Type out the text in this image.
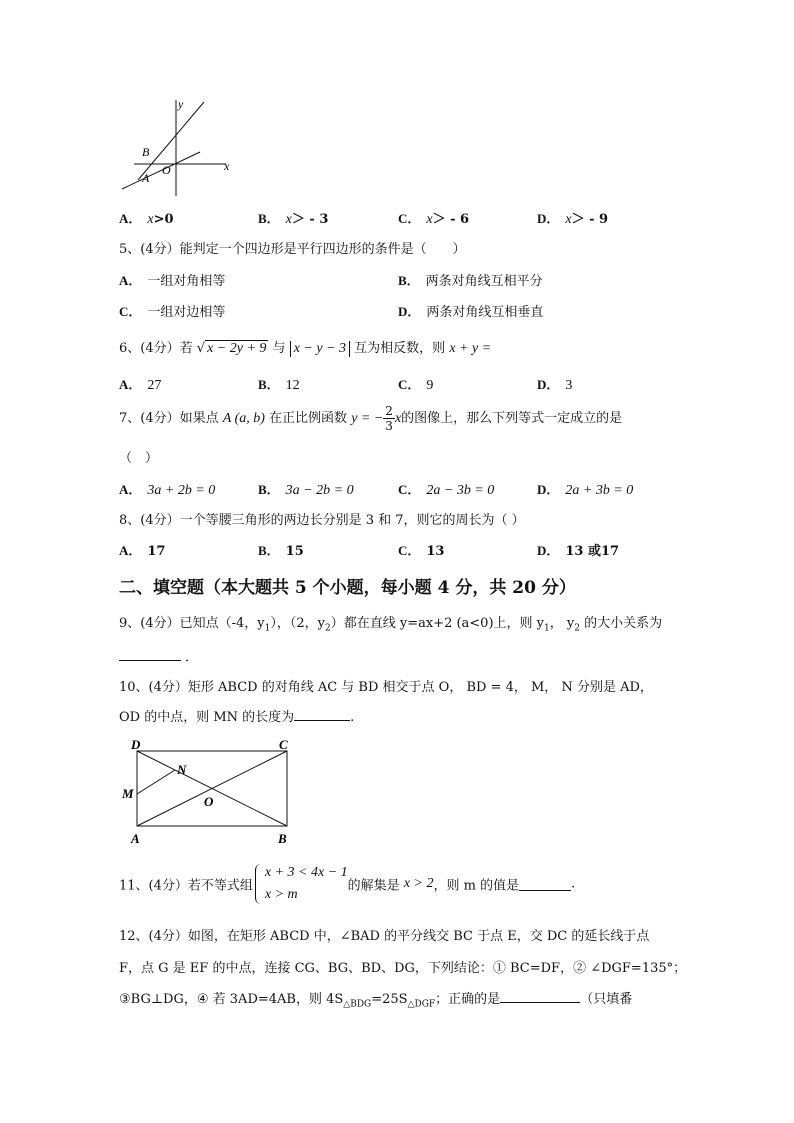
y
x
B
A
O
A． x>0	B． x＞ - 3	C． x＞ - 6	D． x＞ - 9
5、(4分）能判定一个四边形是平行四边形的条件是（　　）
A． 一组对角相等	B． 两条对角线互相平分
C． 一组对边相等	D． 两条对角线互相垂直
6、(4分）若 √ x − 2y + 9 与 x − y − 3 互为相反数，则 x + y =
A． 27	B． 12	C． 9	D． 3
7、(4分）如果点 A (a, b) 在正比例函数 y = − $\frac{2}{3}$ x的图像上，那么下列等式一定成立的是
（　）
A． 3a + 2b = 0	B． 3a − 2b = 0	C． 2a − 3b = 0	D． 2a + 3b = 0
8、(4分）一个等腰三角形的两边长分别是 3 和 7，则它的周长为（ ）
A． 17	B． 15	C． 13	D． 13 或17
二、填空题（本大题共 5 个小题，每小题 4 分，共 20 分）
9、(4分）已知点（-4，$y_1$），（2，$y_2$）都在直线 y=ax+2 (a<0)上，则 $y_1$， $y_2$ 的大小关系为
．
10、(4分）矩形 ABCD 的对角线 AC 与 BD 相交于点 O， BD = 4， M， N 分别是 AD，
OD 的中点，则 MN 的长度为	.
D	C
N
M
O
A	B
11、(4分）若不等式组
x + 3 < 4x − 1
x > m
的解集是 x > 2，则 m 的值是	.
12、(4分）如图，在矩形 ABCD 中，∠BAD 的平分线交 BC 于点 E，交 DC 的延长线于点
F，点 G 是 EF 的中点，连接 CG、BG、BD、DG，下列结论：① BC=DF，② ∠DGF=135°；
③BG⊥DG，④ 若 3AD=4AB，则 $4S_{\triangle BDG}=25S_{\triangle DGF}$；正确的是	（只填番
